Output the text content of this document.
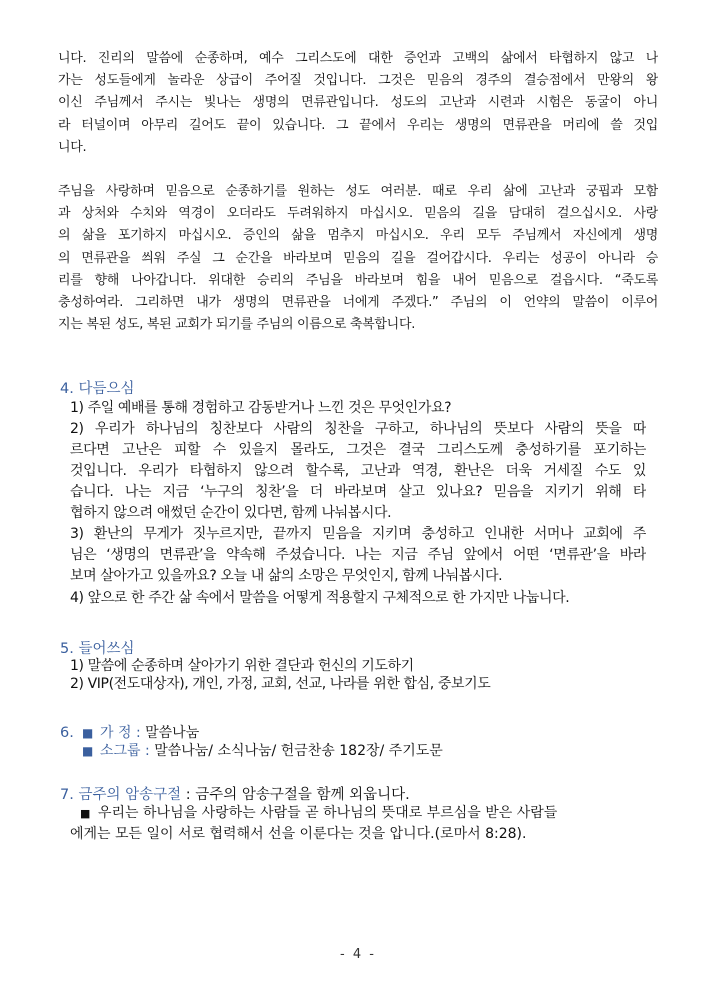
니다. 진리의 말씀에 순종하며, 예수 그리스도에 대한 증언과 고백의 삶에서 타협하지 않고 나
가는 성도들에게 놀라운 상급이 주어질 것입니다. 그것은 믿음의 경주의 결승점에서 만왕의 왕
이신 주님께서 주시는 빛나는 생명의 면류관입니다. 성도의 고난과 시련과 시험은 동굴이 아니
라 터널이며 아무리 길어도 끝이 있습니다. 그 끝에서 우리는 생명의 면류관을 머리에 쓸 것입
니다.
주님을 사랑하며 믿음으로 순종하기를 원하는 성도 여러분. 때로 우리 삶에 고난과 궁핍과 모함
과 상처와 수치와 역경이 오더라도 두려워하지 마십시오. 믿음의 길을 담대히 걸으십시오. 사랑
의 삶을 포기하지 마십시오. 증인의 삶을 멈추지 마십시오. 우리 모두 주님께서 자신에게 생명
의 면류관을 씌워 주실 그 순간을 바라보며 믿음의 길을 걸어갑시다. 우리는 성공이 아니라 승
리를 향해 나아갑니다. 위대한 승리의 주님을 바라보며 힘을 내어 믿음으로 걸읍시다. “죽도록
충성하여라. 그리하면 내가 생명의 면류관을 너에게 주겠다.” 주님의 이 언약의 말씀이 이루어
지는 복된 성도, 복된 교회가 되기를 주님의 이름으로 축복합니다.
4. 다듬으심
1) 주일 예배를 통해 경험하고 감동받거나 느낀 것은 무엇인가요?
2) 우리가 하나님의 칭찬보다 사람의 칭찬을 구하고, 하나님의 뜻보다 사람의 뜻을 따
르다면 고난은 피할 수 있을지 몰라도, 그것은 결국 그리스도께 충성하기를 포기하는
것입니다. 우리가 타협하지 않으려 할수록, 고난과 역경, 환난은 더욱 거세질 수도 있
습니다. 나는 지금 ‘누구의 칭찬’을 더 바라보며 살고 있나요? 믿음을 지키기 위해 타
협하지 않으려 애썼던 순간이 있다면, 함께 나눠봅시다.
3) 환난의 무게가 짓누르지만, 끝까지 믿음을 지키며 충성하고 인내한 서머나 교회에 주
님은 ‘생명의 면류관’을 약속해 주셨습니다. 나는 지금 주님 앞에서 어떤 ‘면류관’을 바라
보며 살아가고 있을까요? 오늘 내 삶의 소망은 무엇인지, 함께 나눠봅시다.
4) 앞으로 한 주간 삶 속에서 말씀을 어떻게 적용할지 구체적으로 한 가지만 나눕니다.
5. 들어쓰심
1) 말씀에 순종하며 살아가기 위한 결단과 헌신의 기도하기
2) VIP(전도대상자), 개인, 가정, 교회, 선교, 나라를 위한 합심, 중보기도
6. ■ 가 정 : 말씀나눔
■ 소그룹 : 말씀나눔/ 소식나눔/ 헌금찬송 182장/ 주기도문
7. 금주의 암송구절 : 금주의 암송구절을 함께 외웁니다.
■ 우리는 하나님을 사랑하는 사람들 곧 하나님의 뜻대로 부르심을 받은 사람들
에게는 모든 일이 서로 협력해서 선을 이룬다는 것을 압니다.(로마서 8:28).
- 4 -
